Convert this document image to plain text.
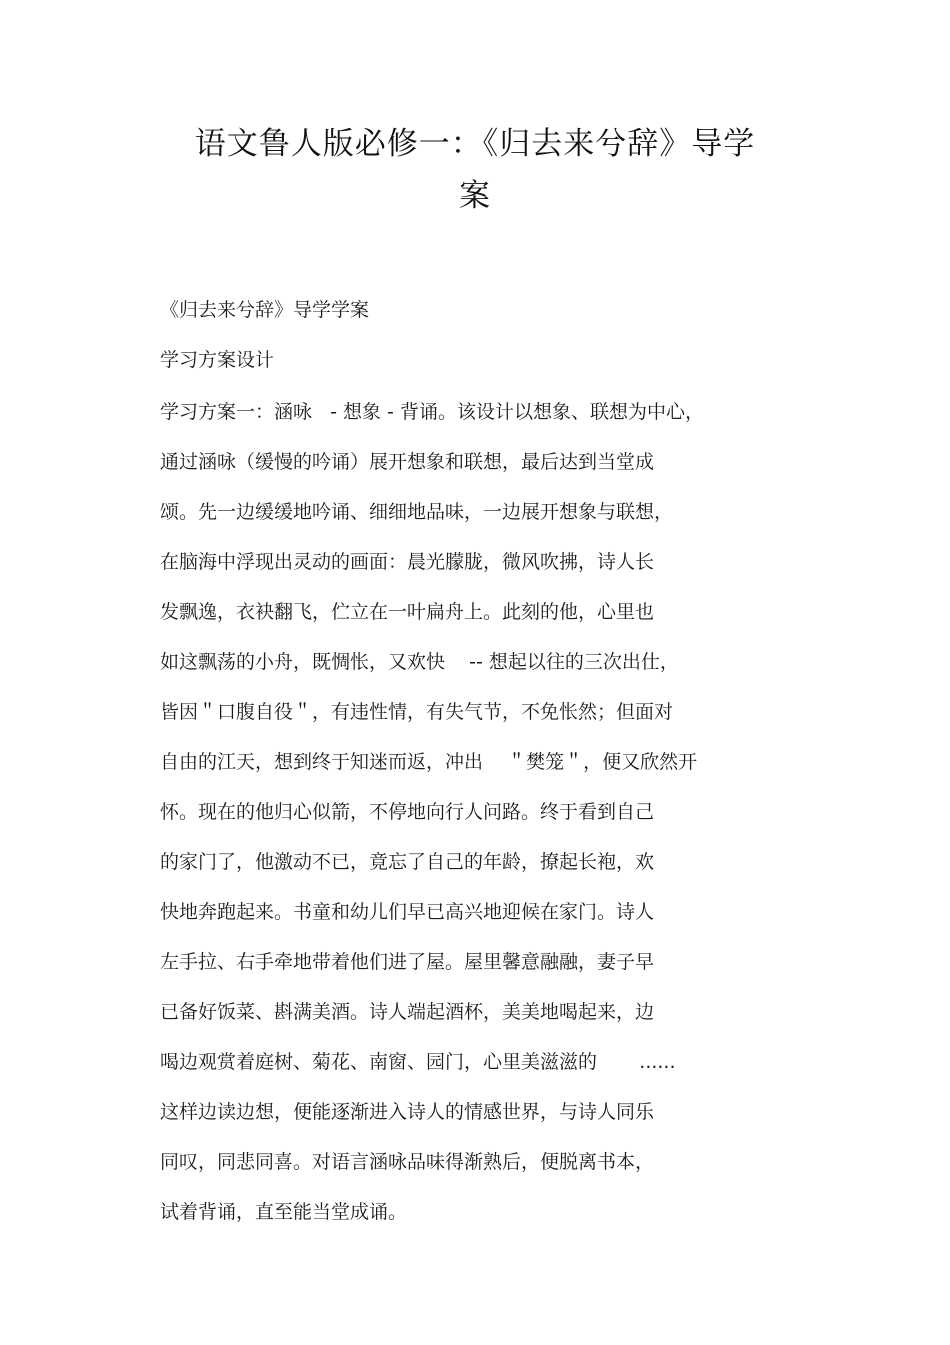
语文鲁人版必修一：《归去来兮辞》导学
案
《归去来兮辞》导学学案
学习方案设计
学习方案一：涵咏   - 想象 - 背诵。该设计以想象、联想为中心，
通过涵咏（缓慢的吟诵）展开想象和联想，最后达到当堂成
颂。先一边缓缓地吟诵、细细地品味，一边展开想象与联想，
在脑海中浮现出灵动的画面：晨光朦胧，微风吹拂，诗人长
发飘逸，衣袂翻飞，伫立在一叶扁舟上。此刻的他，心里也
如这飘荡的小舟，既惆怅，又欢快    -- 想起以往的三次出仕，
皆因＂口腹自役＂，有违性情，有失气节，不免怅然；但面对
自由的江天，想到终于知迷而返，冲出    ＂樊笼＂，便又欣然开
怀。现在的他归心似箭，不停地向行人问路。终于看到自己
的家门了，他激动不已，竟忘了自己的年龄，撩起长袍，欢
快地奔跑起来。书童和幼儿们早已高兴地迎候在家门。诗人
左手拉、右手牵地带着他们进了屋。屋里馨意融融，妻子早
已备好饭菜、斟满美酒。诗人端起酒杯，美美地喝起来，边
喝边观赏着庭树、菊花、南窗、园门，心里美滋滋的       ......
这样边读边想，便能逐渐进入诗人的情感世界，与诗人同乐
同叹，同悲同喜。对语言涵咏品味得渐熟后，便脱离书本，
试着背诵，直至能当堂成诵。
